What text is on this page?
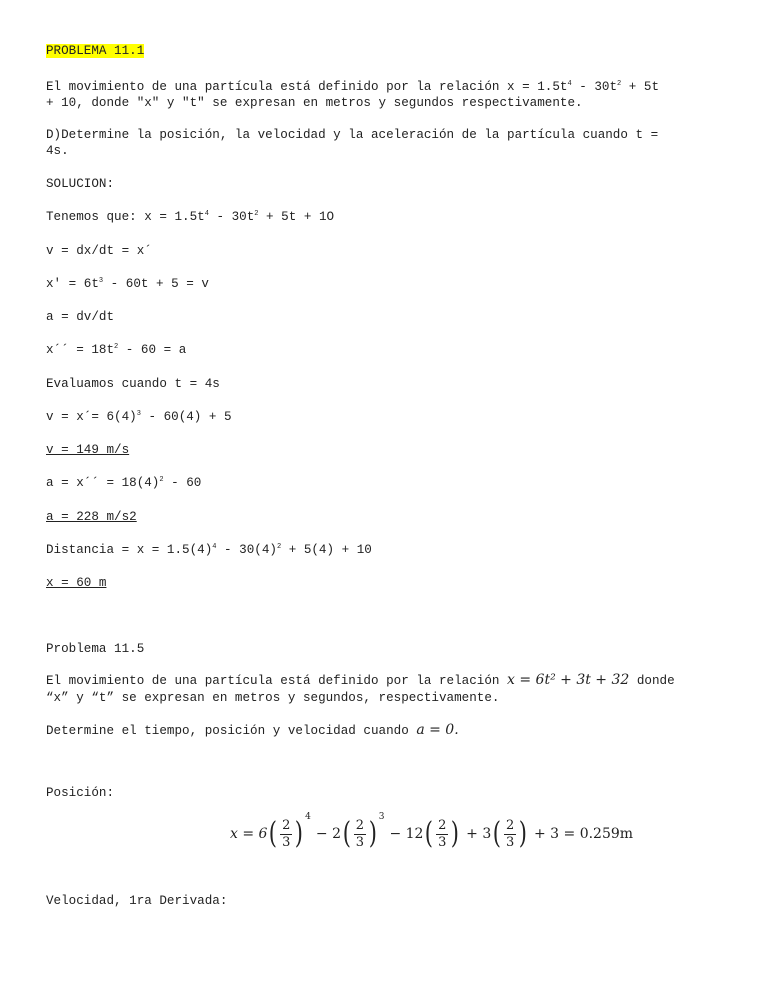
PROBLEMA 11.1
El movimiento de una partícula está definido por la relación $x = 1.5t^4 - 30t^2 + 5t$
+ 10, donde "x" y "t" se expresan en metros y segundos respectivamente.
D)Determine la posición, la velocidad y la aceleración de la partícula cuando t =
4s.
SOLUCION:
Tenemos que: $x = 1.5t^4 - 30t^2 + 5t + 1O$
v = dx/dt = x´
$x' = 6t^3 - 60t + 5 = v$
a = dv/dt
x´´ = $18t^2 - 60 = a$
Evaluamos cuando t = 4s
v = x´= $6(4)^3 - 60(4) + 5$
v = 149 m/s
a = x´´ = $18(4)^2 - 60$
a = 228 m/s2
Distancia = $x = 1.5(4)^4 - 30(4)^2 + 5(4) + 10$
x = 60 m
Problema 11.5
El movimiento de una partícula está definido por la relación x = 6t² + 3t + 32 donde
“x” y “t” se expresan en metros y segundos, respectivamente.
Determine el tiempo, posición y velocidad cuando a = 0.
Posición:
x = 6 ( $\frac{2}{3}$ ) 4
− 2 ( $\frac{2}{3}$ ) 3
− 12 ( $\frac{2}{3}$ ) + 3 ( $\frac{2}{3}$ ) + 3 = 0.259m
Velocidad, 1ra Derivada:
